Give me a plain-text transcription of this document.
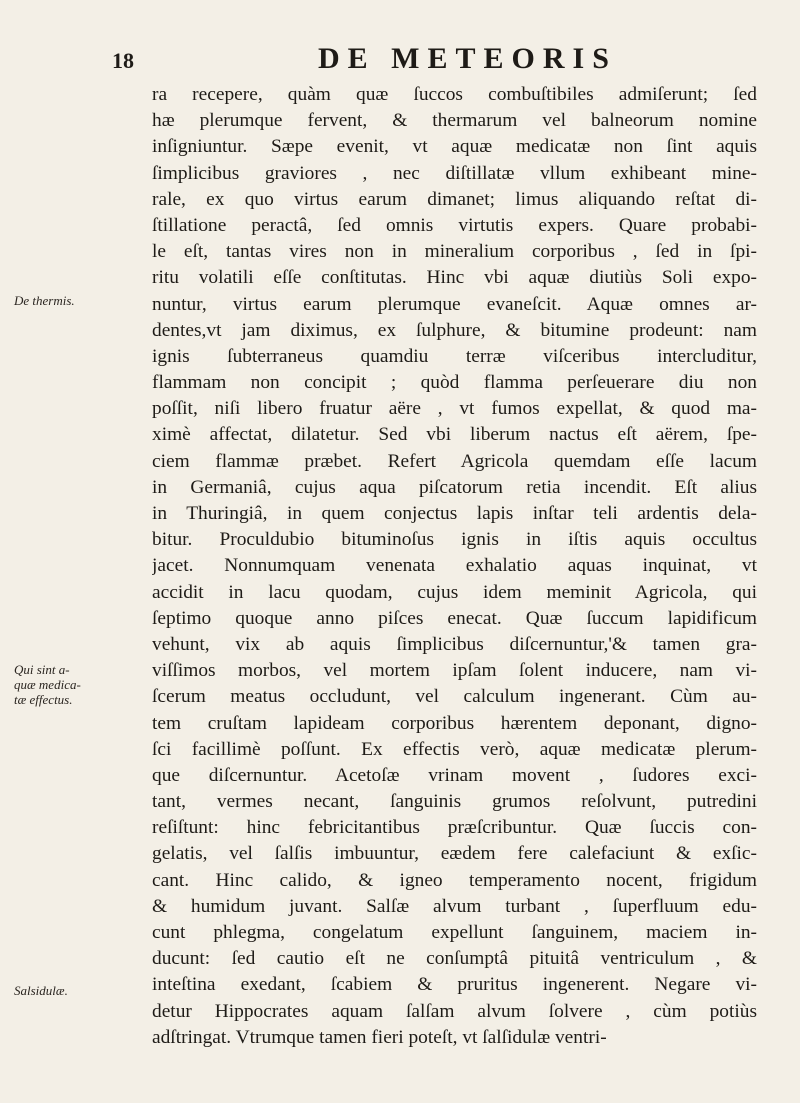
18	DE METEORIS
De thermis.
Qui sint a-
quæ medica-
tæ effectus.
Salsidulæ.
ra recepere, quàm quæ ſuccos combuſtibiles admiſerunt; ſed
hæ plerumque fervent, & thermarum vel balneorum nomine
inſigniuntur. Sæpe evenit, vt aquæ medicatæ non ſint aquis
ſimplicibus graviores , nec diſtillatæ vllum exhibeant mine-
rale, ex quo virtus earum dimanet; limus aliquando reſtat di-
ſtillatione peractâ, ſed omnis virtutis expers. Quare probabi-
le eſt, tantas vires non in mineralium corporibus , ſed in ſpi-
ritu volatili eſſe conſtitutas. Hinc vbi aquæ diutiùs Soli expo-
nuntur, virtus earum plerumque evaneſcit. Aquæ omnes ar-
dentes,vt jam diximus, ex ſulphure, & bitumine prodeunt: nam
ignis ſubterraneus quamdiu terræ viſceribus intercluditur,
flammam non concipit ; quòd flamma perſeuerare diu non
poſſit, niſi libero fruatur aëre , vt fumos expellat, & quod ma-
ximè affectat, dilatetur. Sed vbi liberum nactus eſt aërem, ſpe-
ciem flammæ præbet. Refert Agricola quemdam eſſe lacum
in Germaniâ, cujus aqua piſcatorum retia incendit. Eſt alius
in Thuringiâ, in quem conjectus lapis inſtar teli ardentis dela-
bitur. Proculdubio bituminoſus ignis in iſtis aquis occultus
jacet. Nonnumquam venenata exhalatio aquas inquinat, vt
accidit in lacu quodam, cujus idem meminit Agricola, qui
ſeptimo quoque anno piſces enecat. Quæ ſuccum lapidificum
vehunt, vix ab aquis ſimplicibus diſcernuntur,'& tamen gra-
viſſimos morbos, vel mortem ipſam ſolent inducere, nam vi-
ſcerum meatus occludunt, vel calculum ingenerant. Cùm au-
tem cruſtam lapideam corporibus hærentem deponant, digno-
ſci facillimè poſſunt. Ex effectis verò, aquæ medicatæ plerum-
que diſcernuntur. Acetoſæ vrinam movent , ſudores exci-
tant, vermes necant, ſanguinis grumos reſolvunt, putredini
reſiſtunt: hinc febricitantibus præſcribuntur. Quæ ſuccis con-
gelatis, vel ſalſis imbuuntur, eædem fere calefaciunt & exſic-
cant. Hinc calido, & igneo temperamento nocent, frigidum
& humidum juvant. Salſæ alvum turbant , ſuperfluum edu-
cunt phlegma, congelatum expellunt ſanguinem, maciem in-
ducunt: ſed cautio eſt ne conſumptâ pituitâ ventriculum , &
inteſtina exedant, ſcabiem & pruritus ingenerent. Negare vi-
detur Hippocrates aquam ſalſam alvum ſolvere , cùm potiùs
adſtringat. Vtrumque tamen fieri poteſt, vt ſalſidulæ ventri-
